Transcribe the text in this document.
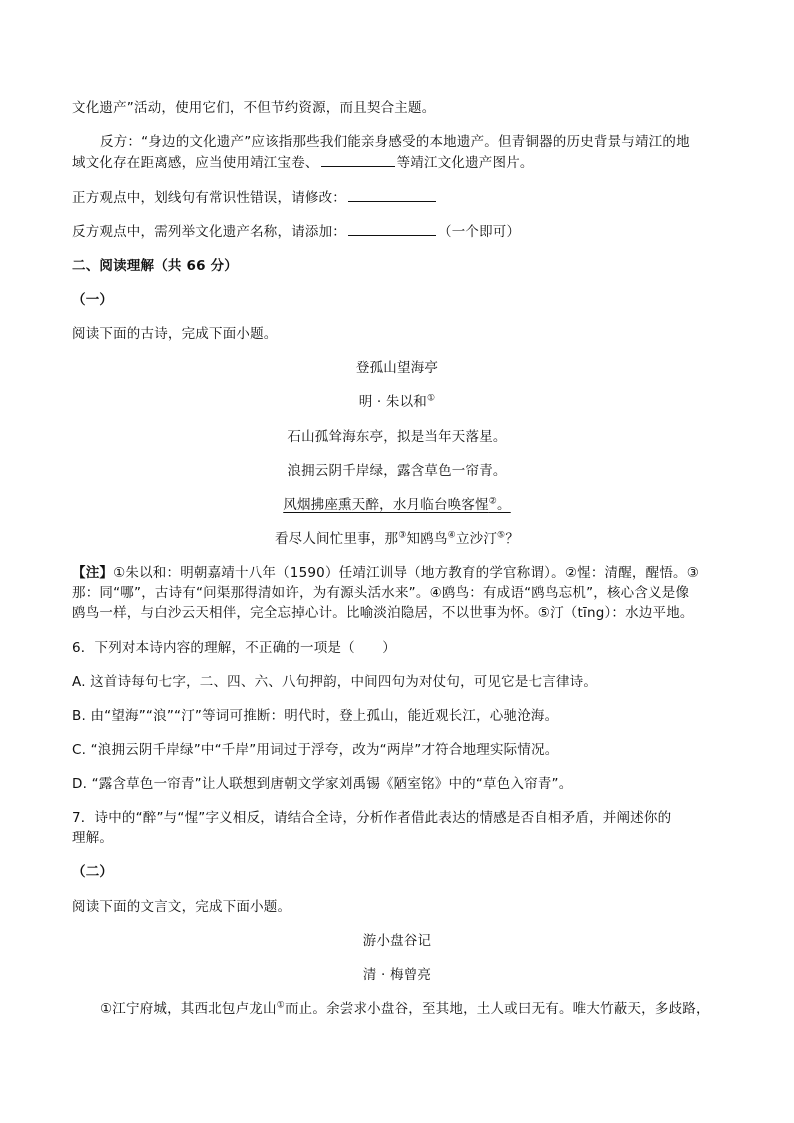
文化遗产”活动，使用它们，不但节约资源，而且契合主题。
反方：“身边的文化遗产”应该指那些我们能亲身感受的本地遗产。但青铜器的历史背景与靖江的地
域文化存在距离感，应当使用靖江宝卷、	等靖江文化遗产图片。
正方观点中，划线句有常识性错误，请修改：
反方观点中，需列举文化遗产名称，请添加：	（一个即可）
二、阅读理解（共 66 分）
（一）
阅读下面的古诗，完成下面小题。
登孤山望海亭
明 · 朱以和①
石山孤耸海东亭，拟是当年天落星。
浪拥云阴千岸绿，露含草色一帘青。
风烟拂座熏天醉，水月临台唤客惺②。
看尽人间忙里事，那③知鸥鸟④立沙汀⑤？
【注】①朱以和：明朝嘉靖十八年（1590）任靖江训导（地方教育的学官称谓）。②惺：清醒，醒悟。③
那：同“哪”，古诗有“问渠那得清如许，为有源头活水来”。④鸥鸟：有成语“鸥鸟忘机”，核心含义是像
鸥鸟一样，与白沙云天相伴，完全忘掉心计。比喻淡泊隐居，不以世事为怀。⑤汀（tīng）：水边平地。
6．下列对本诗内容的理解，不正确的一项是（　　）
A. 这首诗每句七字，二、四、六、八句押韵，中间四句为对仗句，可见它是七言律诗。
B. 由“望海”“浪”“汀”等词可推断：明代时，登上孤山，能近观长江，心驰沧海。
C. “浪拥云阴千岸绿”中“千岸”用词过于浮夸，改为“两岸”才符合地理实际情况。
D. “露含草色一帘青”让人联想到唐朝文学家刘禹锡《陋室铭》中的“草色入帘青”。
7．诗中的“醉”与“惺”字义相反，请结合全诗，分析作者借此表达的情感是否自相矛盾，并阐述你的
理解。
（二）
阅读下面的文言文，完成下面小题。
游小盘谷记
清 · 梅曾亮
①江宁府城，其西北包卢龙山①而止。余尝求小盘谷，至其地，土人或曰无有。唯大竹蔽天，多歧路，
